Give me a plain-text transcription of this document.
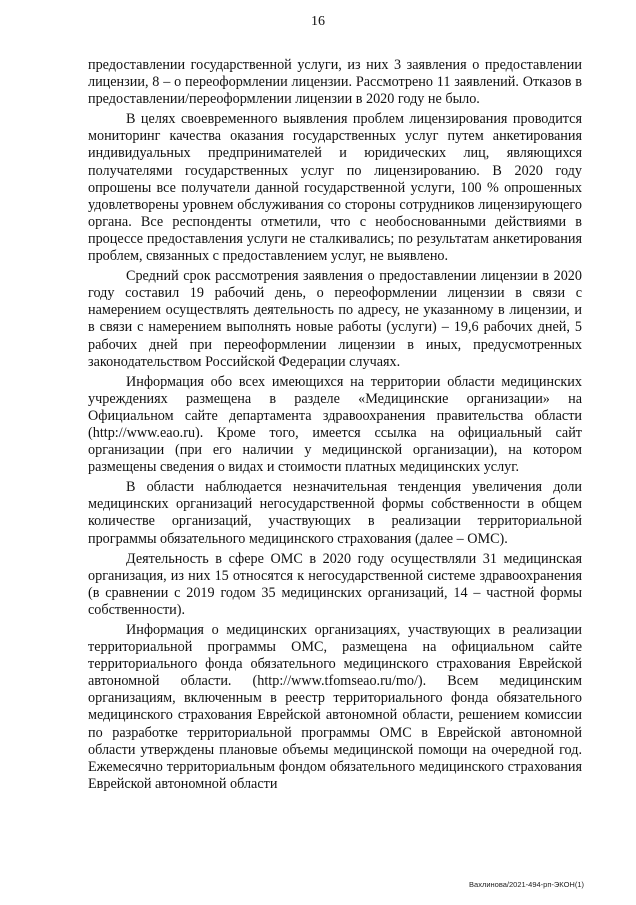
16

предоставлении государственной услуги, из них 3 заявления о предоставлении лицензии, 8 – о переоформлении лицензии. Рассмотрено 11 заявлений. Отказов в предоставлении/переоформлении лицензии в 2020 году не было.

В целях своевременного выявления проблем лицензирования проводится мониторинг качества оказания государственных услуг путем анкетирования индивидуальных предпринимателей и юридических лиц, являющихся получателями государственных услуг по лицензированию. В 2020 году опрошены все получатели данной государственной услуги, 100 % опрошенных удовлетворены уровнем обслуживания со стороны сотрудников лицензирующего органа. Все респонденты отметили, что с необоснованными действиями в процессе предоставления услуги не сталкивались; по результатам анкетирования проблем, связанных с предоставлением услуг, не выявлено.

Средний срок рассмотрения заявления о предоставлении лицензии в 2020 году составил 19 рабочий день, о переоформлении лицензии в связи с намерением осуществлять деятельность по адресу, не указанному в лицензии, и в связи с намерением выполнять новые работы (услуги) – 19,6 рабочих дней, 5 рабочих дней при переоформлении лицензии в иных, предусмотренных законодательством Российской Федерации случаях.

Информация обо всех имеющихся на территории области медицинских учреждениях размещена в разделе «Медицинские организации» на Официальном сайте департамента здравоохранения правительства области (http://www.eao.ru). Кроме того, имеется ссылка на официальный сайт организации (при его наличии у медицинской организации), на котором размещены сведения о видах и стоимости платных медицинских услуг.

В области наблюдается незначительная тенденция увеличения доли медицинских организаций негосударственной формы собственности в общем количестве организаций, участвующих в реализации территориальной программы обязательного медицинского страхования (далее – ОМС).

Деятельность в сфере ОМС в 2020 году осуществляли 31 медицинская организация, из них 15 относятся к негосударственной системе здравоохранения (в сравнении с 2019 годом 35 медицинских организаций, 14 – частной формы собственности).

Информация о медицинских организациях, участвующих в реализации территориальной программы ОМС, размещена на официальном сайте территориального фонда обязательного медицинского страхования Еврейской автономной области. (http://www.tfomseao.ru/mo/). Всем медицинским организациям, включенным в реестр территориального фонда обязательного медицинского страхования Еврейской автономной области, решением комиссии по разработке территориальной программы ОМС в Еврейской автономной области утверждены плановые объемы медицинской помощи на очередной год. Ежемесячно территориальным фондом обязательного медицинского страхования Еврейской автономной области

Вахлинова/2021-494-рп-ЭКОН(1)
